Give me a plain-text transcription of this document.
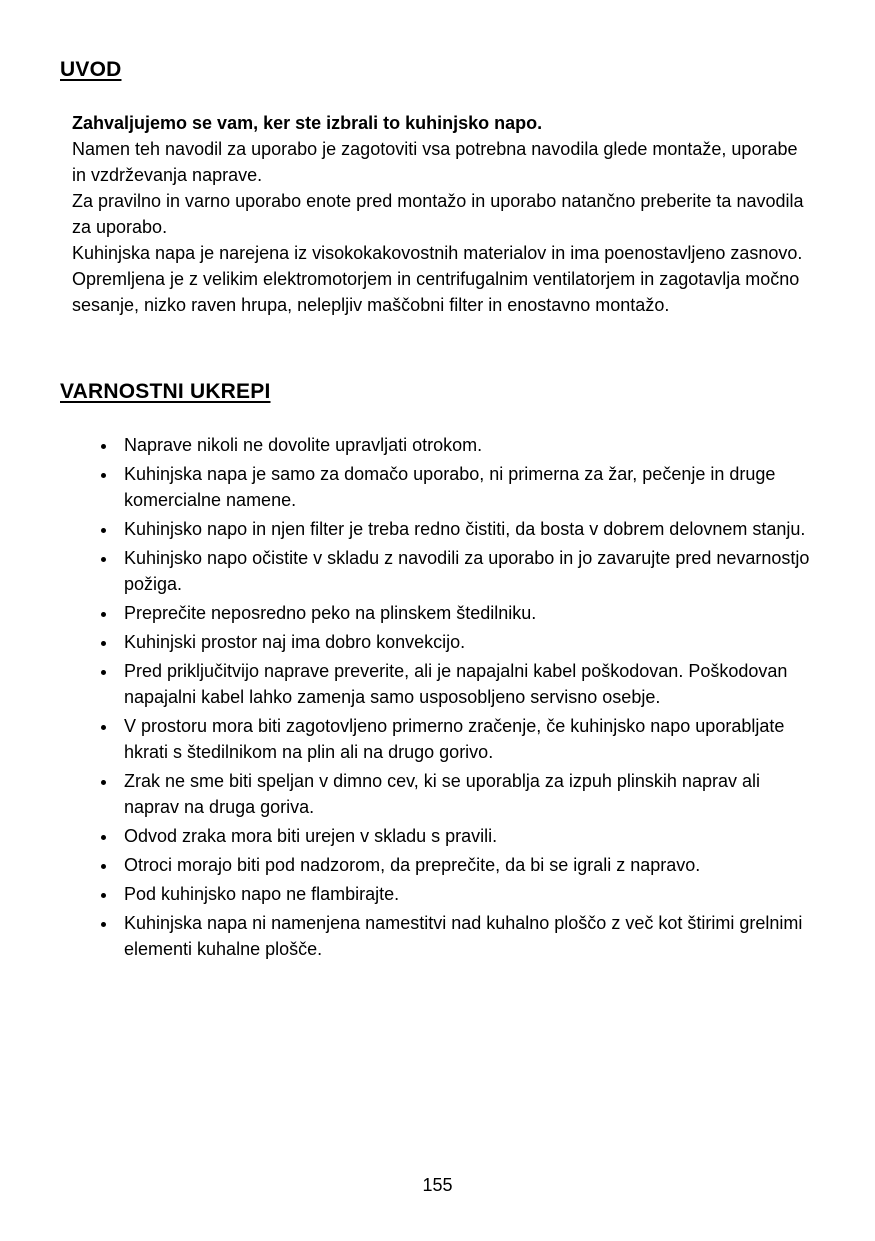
UVOD

Zahvaljujemo se vam, ker ste izbrali to kuhinjsko napo.

Namen teh navodil za uporabo je zagotoviti vsa potrebna navodila glede montaže, uporabe in vzdrževanja naprave.

Za pravilno in varno uporabo enote pred montažo in uporabo natančno preberite ta navodila za uporabo.

Kuhinjska napa je narejena iz visokokakovostnih materialov in ima poenostavljeno zasnovo. Opremljena je z velikim elektromotorjem in centrifugalnim ventilatorjem in zagotavlja močno sesanje, nizko raven hrupa, nelepljiv maščobni filter in enostavno montažo.

VARNOSTNI UKREPI
• Naprave nikoli ne dovolite upravljati otrokom.
• Kuhinjska napa je samo za domačo uporabo, ni primerna za žar, pečenje in druge komercialne namene.
• Kuhinjsko napo in njen filter je treba redno čistiti, da bosta v dobrem delovnem stanju.
• Kuhinjsko napo očistite v skladu z navodili za uporabo in jo zavarujte pred nevarnostjo požiga.
• Preprečite neposredno peko na plinskem štedilniku.
• Kuhinjski prostor naj ima dobro konvekcijo.
• Pred priključitvijo naprave preverite, ali je napajalni kabel poškodovan. Poškodovan napajalni kabel lahko zamenja samo usposobljeno servisno osebje.
• V prostoru mora biti zagotovljeno primerno zračenje, če kuhinjsko napo uporabljate hkrati s štedilnikom na plin ali na drugo gorivo.
• Zrak ne sme biti speljan v dimno cev, ki se uporablja za izpuh plinskih naprav ali naprav na druga goriva.
• Odvod zraka mora biti urejen v skladu s pravili.
• Otroci morajo biti pod nadzorom, da preprečite, da bi se igrali z napravo.
• Pod kuhinjsko napo ne flambirajte.
• Kuhinjska napa ni namenjena namestitvi nad kuhalno ploščo z več kot štirimi grelnimi elementi kuhalne plošče.
155
